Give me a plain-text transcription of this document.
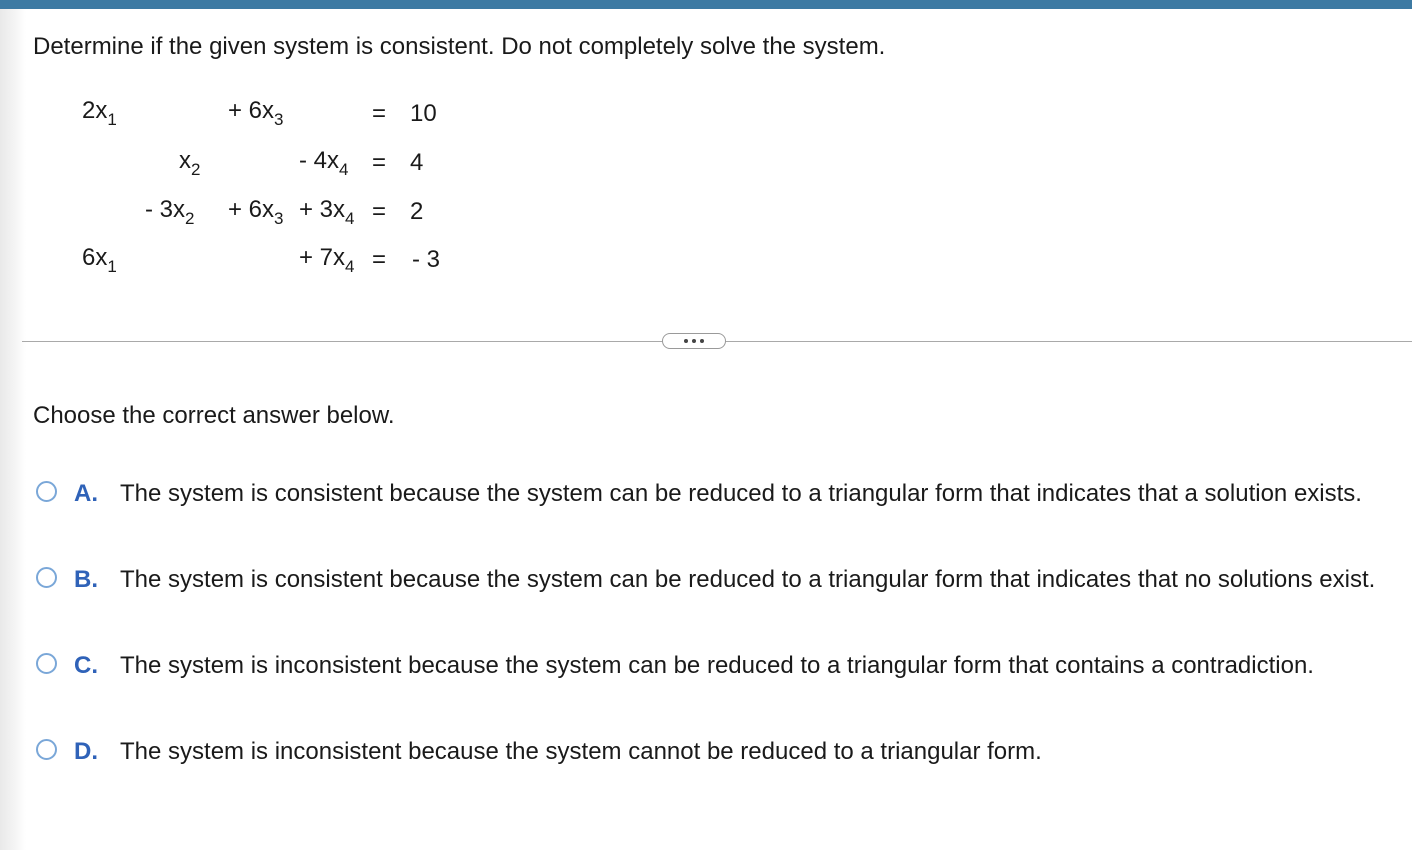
Determine if the given system is consistent. Do not completely solve the system.
$2x_1$	+ $6x_3$	= 10
$x_2$	- $4x_4 = 4$
- $3x_2 + 6x_3 + 3x_4 = 2$
$6x_1$	+ $7x_4$ = - 3
Choose the correct answer below.
A. The system is consistent because the system can be reduced to a triangular form that indicates that a solution exists.
B. The system is consistent because the system can be reduced to a triangular form that indicates that no solutions exist.
C. The system is inconsistent because the system can be reduced to a triangular form that contains a contradiction.
D. The system is inconsistent because the system cannot be reduced to a triangular form.
